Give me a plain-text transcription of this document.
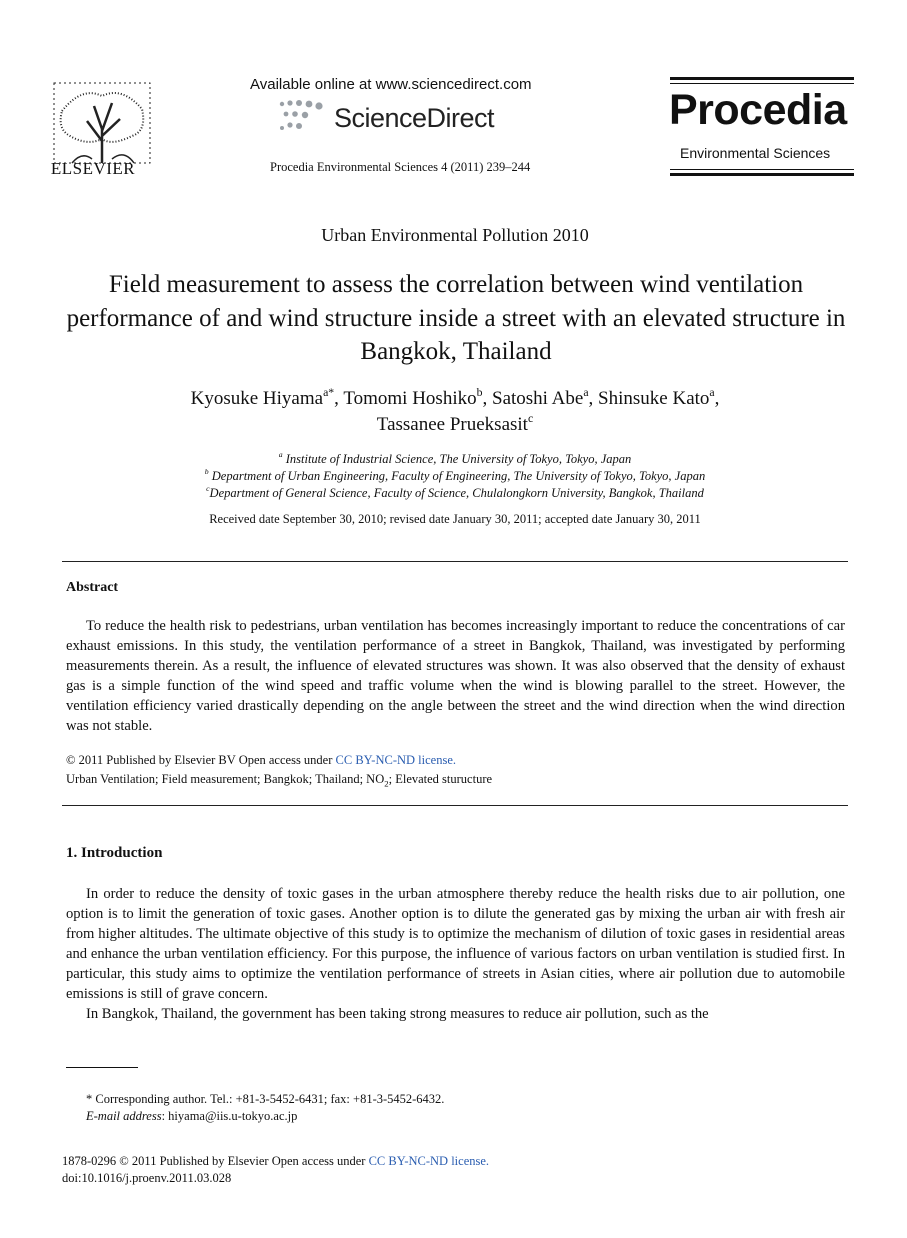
ELSEVIER
Available online at www.sciencedirect.com
ScienceDirect
Procedia Environmental Sciences 4 (2011) 239–244
Procedia
Environmental Sciences
Urban Environmental Pollution 2010
Field measurement to assess the correlation between wind ventilation performance of and wind structure inside a street with an elevated structure in Bangkok, Thailand
Kyosuke Hiyama$^{a*}$, Tomomi Hoshiko$^b$, Satoshi Abe$^a$, Shinsuke Kato$^a$,
Tassanee Prueksasit$^c$
$^a$ Institute of Industrial Science, The University of Tokyo, Tokyo, Japan
$^b$ Department of Urban Engineering, Faculty of Engineering, The University of Tokyo, Tokyo, Japan
$^c$Department of General Science, Faculty of Science, Chulalongkorn University, Bangkok, Thailand
Received date September 30, 2010; revised date January 30, 2011; accepted date January 30, 2011
Abstract

To reduce the health risk to pedestrians, urban ventilation has becomes increasingly important to reduce the concentrations of car exhaust emissions. In this study, the ventilation performance of a street in Bangkok, Thailand, was investigated by performing measurements therein. As a result, the influence of elevated structures was shown. It was also observed that the density of exhaust gas is a simple function of the wind speed and traffic volume when the wind is blowing parallel to the street. However, the ventilation efficiency varied drastically depending on the angle between the street and the wind direction when the wind direction was not stable.

© 2011 Published by Elsevier BV Open access under CC BY-NC-ND license.
Urban Ventilation; Field measurement; Bangkok; Thailand; $NO_2$; Elevated sturucture
1. Introduction

In order to reduce the density of toxic gases in the urban atmosphere thereby reduce the health risks due to air pollution, one option is to limit the generation of toxic gases. Another option is to dilute the generated gas by mixing the urban air with fresh air from higher altitudes. The ultimate objective of this study is to optimize the mechanism of dilution of toxic gases in residential areas and enhance the urban ventilation efficiency. For this purpose, the influence of various factors on urban ventilation is studied first. In particular, this study aims to optimize the ventilation performance of streets in Asian cities, where air pollution due to automobile emissions is still of grave concern.

In Bangkok, Thailand, the government has been taking strong measures to reduce air pollution, such as the

* Corresponding author. Tel.: +81-3-5452-6431; fax: +81-3-5452-6432.
E-mail address: hiyama@iis.u-tokyo.ac.jp
1878-0296 © 2011 Published by Elsevier Open access under CC BY-NC-ND license.
doi:10.1016/j.proenv.2011.03.028
